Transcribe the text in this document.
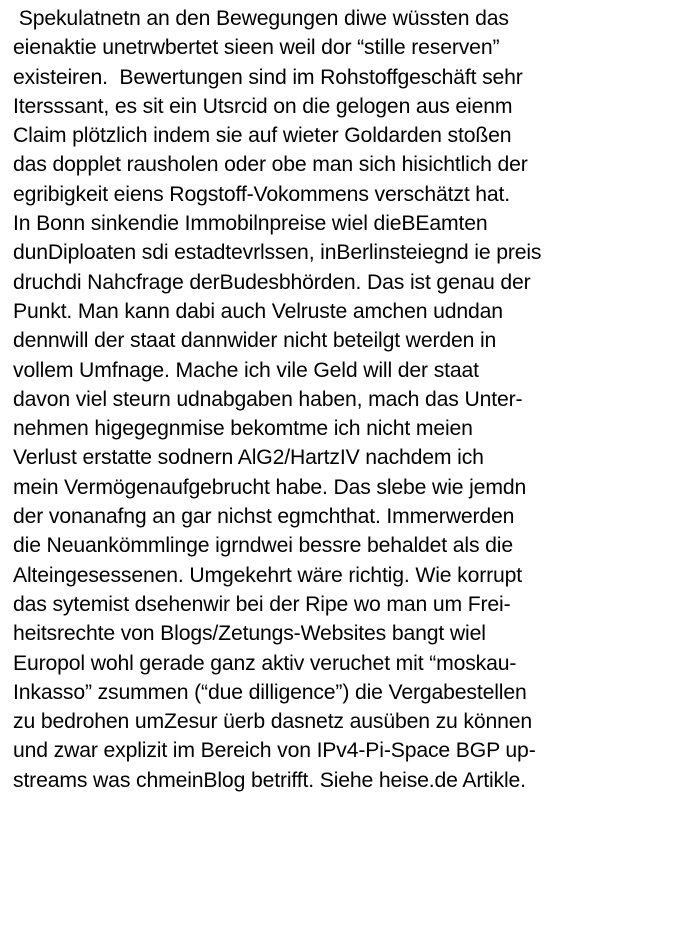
Spekulatnetn an den Bewegungen diwe wüssten das
eienaktie unetrwbertet sieen weil dor “stille reserven”
existeiren.  Bewertungen sind im Rohstoffgeschäft sehr
Itersssant, es sit ein Utsrcid on die gelogen aus eienm
Claim plötzlich indem sie auf wieter Goldarden stoßen
das dopplet rausholen oder obe man sich hisichtlich der
egribigkeit eiens Rogstoff-Vokommens verschätzt hat.
In Bonn sinkendie Immobilnpreise wiel dieBEamten
dunDiploaten sdi estadtevrlssen, inBerlinsteiegnd ie preis
druchdi Nahcfrage derBudesbhörden. Das ist genau der
Punkt. Man kann dabi auch Velruste amchen udndan
dennwill der staat dannwider nicht beteilgt werden in
vollem Umfnage. Mache ich vile Geld will der staat
davon viel steurn udnabgaben haben, mach das Unter-
nehmen higegegnmise bekomtme ich nicht meien
Verlust erstatte sodnern AlG2/HartzIV nachdem ich
mein Vermögenaufgebrucht habe. Das slebe wie jemdn
der vonanafng an gar nichst egmchthat. Immerwerden
die Neuankömmlinge igrndwei bessre behaldet als die
Alteingesessenen. Umgekehrt wäre richtig. Wie korrupt
das sytemist dsehenwir bei der Ripe wo man um Frei-
heitsrechte von Blogs/Zetungs-Websites bangt wiel
Europol wohl gerade ganz aktiv veruchet mit “moskau-
Inkasso” zsummen (“due dilligence”) die Vergabestellen
zu bedrohen umZesur üerb dasnetz ausüben zu können
und zwar explizit im Bereich von IPv4-Pi-Space BGP up-
streams was chmeinBlog betrifft. Siehe heise.de Artikle.
